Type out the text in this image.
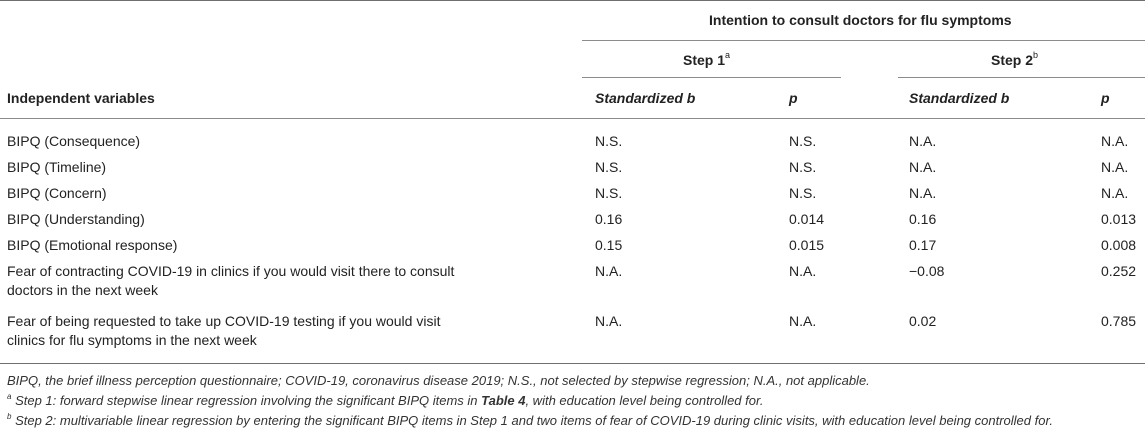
Intention to consult doctors for flu symptoms
Step 1$^a$	Step 2$^b$
Independent variables	Standardized b	p	Standardized b	p
BIPQ (Consequence)	N.S.	N.S.	N.A.	N.A.
BIPQ (Timeline)	N.S.	N.S.	N.A.	N.A.
BIPQ (Concern)	N.S.	N.S.	N.A.	N.A.
BIPQ (Understanding)	0.16	0.014	0.16	0.013
BIPQ (Emotional response)	0.15	0.015	0.17	0.008
Fear of contracting COVID-19 in clinics if you would visit there to consult
doctors in the next week
N.A.	N.A.	−0.08	0.252
Fear of being requested to take up COVID-19 testing if you would visit
clinics for flu symptoms in the next week
N.A.	N.A.	0.02	0.785
BIPQ, the brief illness perception questionnaire; COVID-19, coronavirus disease 2019; N.S., not selected by stepwise regression; N.A., not applicable.
$^a$ Step 1: forward stepwise linear regression involving the significant BIPQ items in Table 4, with education level being controlled for.
$^b$ Step 2: multivariable linear regression by entering the significant BIPQ items in Step 1 and two items of fear of COVID-19 during clinic visits, with education level being controlled for.
